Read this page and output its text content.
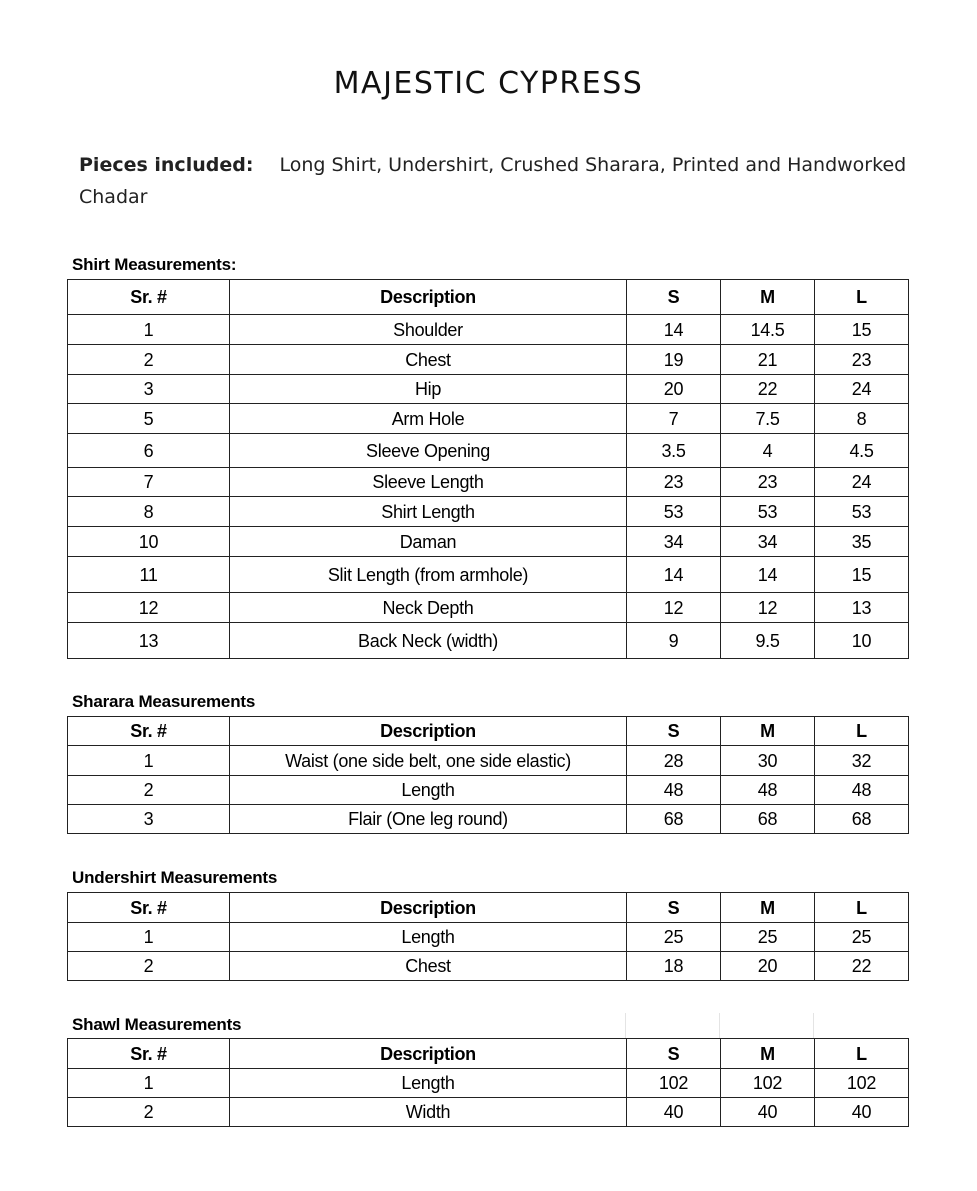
MAJESTIC CYPRESS
Pieces included: Long Shirt, Undershirt, Crushed Sharara, Printed and Handworked Chadar
Shirt Measurements:
Sr. #	Description	S	M	L
1	Shoulder	14	14.5	15
2	Chest	19	21	23
3	Hip	20	22	24
5	Arm Hole	7	7.5	8
6	Sleeve Opening	3.5	4	4.5
7	Sleeve Length	23	23	24
8	Shirt Length	53	53	53
10	Daman	34	34	35
11	Slit Length (from armhole)	14	14	15
12	Neck Depth	12	12	13
13	Back Neck (width)	9	9.5	10
Sharara Measurements
Sr. #	Description	S	M	L
1	Waist (one side belt, one side elastic)	28	30	32
2	Length	48	48	48
3	Flair (One leg round)	68	68	68
Undershirt Measurements
Sr. #	Description	S	M	L
1	Length	25	25	25
2	Chest	18	20	22
Shawl Measurements
Sr. #	Description	S	M	L
1	Length	102	102	102
2	Width	40	40	40
